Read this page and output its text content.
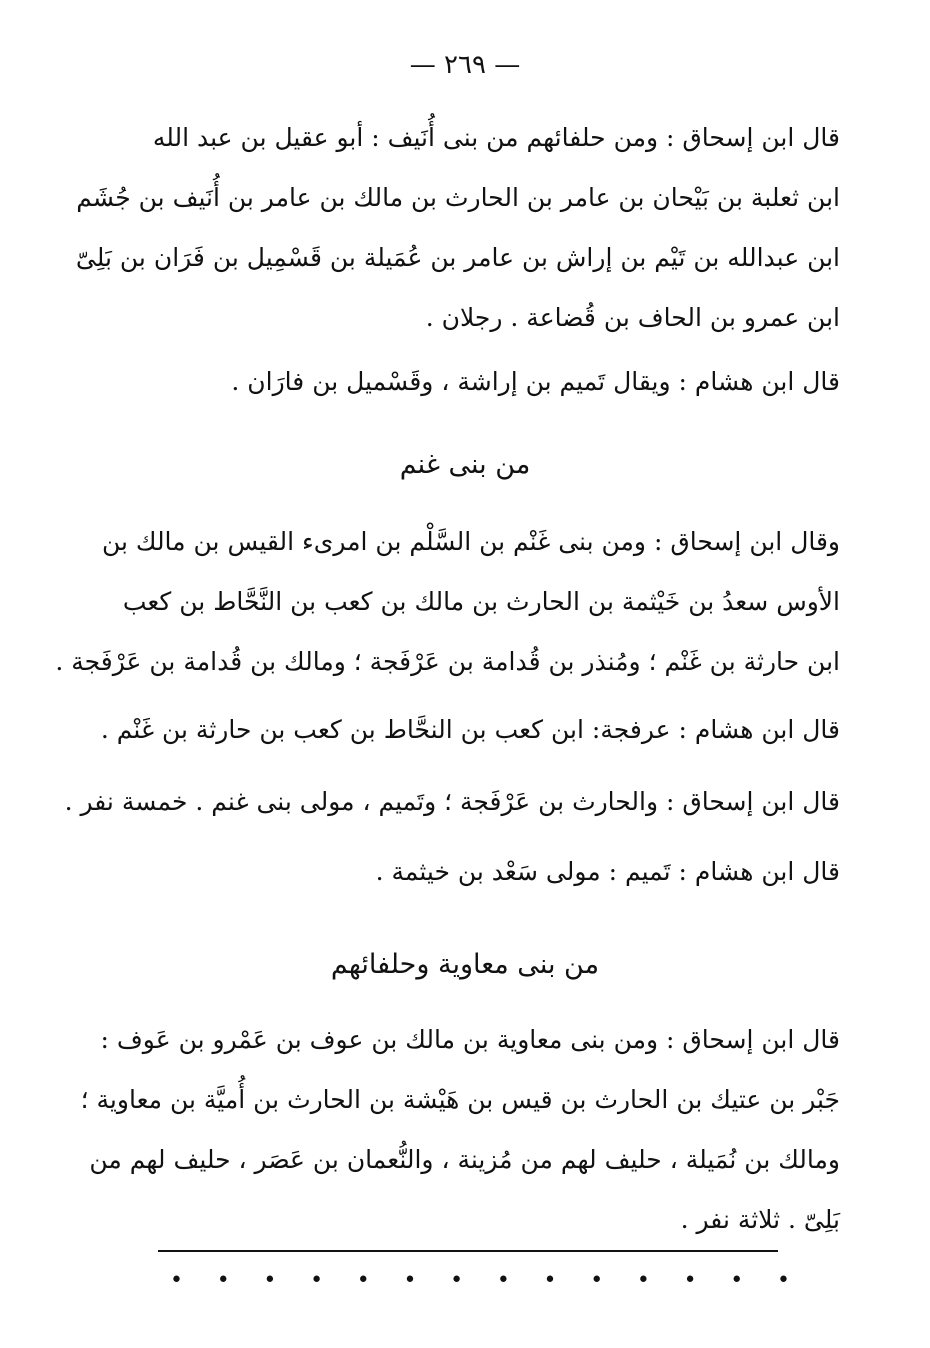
— ٢٦٩ —
قال ابن إسحاق : ومن حلفائهم من بنى أُنَيف : أبو عقيل بن عبد الله
ابن ثعلبة بن بَيْحان بن عامر بن الحارث بن مالك بن عامر بن أُنَيف بن جُشَم
ابن عبدالله بن تَيْم بن إراش بن عامر بن عُمَيلة بن قَسْمِيل بن فَرَان بن بَلِىّ
ابن عمرو بن الحاف بن قُضاعة . رجلان .
قال ابن هشام : ويقال تَميم بن إراشة ، وقَسْميل بن فارَان .
من بنى غنم
وقال ابن إسحاق : ومن بنى غَنْم بن السَّلْم بن امرىء القيس بن مالك بن
الأوس سعدُ بن خَيْثمة بن الحارث بن مالك بن كعب بن النَّحَّاط بن كعب
ابن حارثة بن غَنْم ؛ ومُنذر بن قُدامة بن عَرْفَجة ؛ ومالك بن قُدامة بن عَرْفَجة .
قال ابن هشام : عرفجة: ابن كعب بن النحَّاط بن كعب بن حارثة بن غَنْم .
قال ابن إسحاق : والحارث بن عَرْفَجة ؛ وتَميم ، مولى بنى غنم . خمسة نفر .
قال ابن هشام : تَميم : مولى سَعْد بن خيثمة .
من بنى معاوية وحلفائهم
قال ابن إسحاق : ومن بنى معاوية بن مالك بن عوف بن عَمْرو بن عَوف :
جَبْر بن عتيك بن الحارث بن قيس بن هَيْشة بن الحارث بن أُميَّة بن معاوية ؛
ومالك بن نُمَيلة ، حليف لهم من مُزينة ، والنُّعمان بن عَصَر ، حليف لهم من
بَلِىّ . ثلاثة نفر .
• • • • • • • • • • • • • •
